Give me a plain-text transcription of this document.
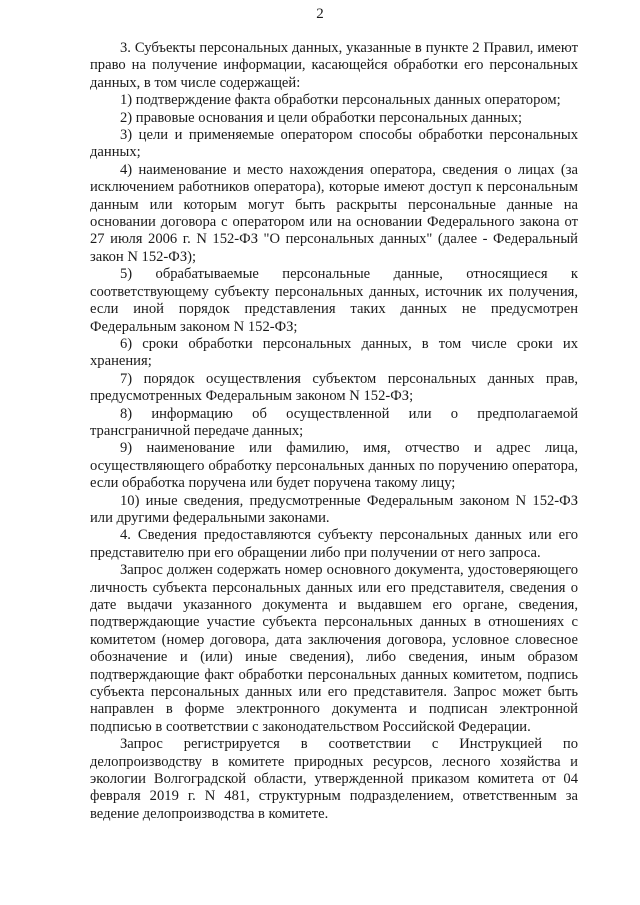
2

3. Субъекты персональных данных, указанные в пункте 2 Правил, имеют право на получение информации, касающейся обработки его персональных данных, в том числе содержащей:

1) подтверждение факта обработки персональных данных оператором;

2) правовые основания и цели обработки персональных данных;

3) цели и применяемые оператором способы обработки персональных данных;

4) наименование и место нахождения оператора, сведения о лицах (за исключением работников оператора), которые имеют доступ к персональным данным или которым могут быть раскрыты персональные данные на основании договора с оператором или на основании Федерального закона от 27 июля 2006 г. N 152-ФЗ "О персональных данных" (далее - Федеральный закон N 152-ФЗ);

5) обрабатываемые персональные данные, относящиеся к соответствующему субъекту персональных данных, источник их получения, если иной порядок представления таких данных не предусмотрен Федеральным законом N 152-ФЗ;

6) сроки обработки персональных данных, в том числе сроки их хранения;

7) порядок осуществления субъектом персональных данных прав, предусмотренных Федеральным законом N 152-ФЗ;

8) информацию об осуществленной или о предполагаемой трансграничной передаче данных;

9) наименование или фамилию, имя, отчество и адрес лица, осуществляющего обработку персональных данных по поручению оператора, если обработка поручена или будет поручена такому лицу;

10) иные сведения, предусмотренные Федеральным законом N 152-ФЗ или другими федеральными законами.

4. Сведения предоставляются субъекту персональных данных или его представителю при его обращении либо при получении от него запроса.

Запрос должен содержать номер основного документа, удостоверяющего личность субъекта персональных данных или его представителя, сведения о дате выдачи указанного документа и выдавшем его органе, сведения, подтверждающие участие субъекта персональных данных в отношениях с комитетом (номер договора, дата заключения договора, условное словесное обозначение и (или) иные сведения), либо сведения, иным образом подтверждающие факт обработки персональных данных комитетом, подпись субъекта персональных данных или его представителя. Запрос может быть направлен в форме электронного документа и подписан электронной подписью в соответствии с законодательством Российской Федерации.

Запрос регистрируется в соответствии с Инструкцией по делопроизводству в комитете природных ресурсов, лесного хозяйства и экологии Волгоградской области, утвержденной приказом комитета от 04 февраля 2019 г. N 481, структурным подразделением, ответственным за ведение делопроизводства в комитете.
